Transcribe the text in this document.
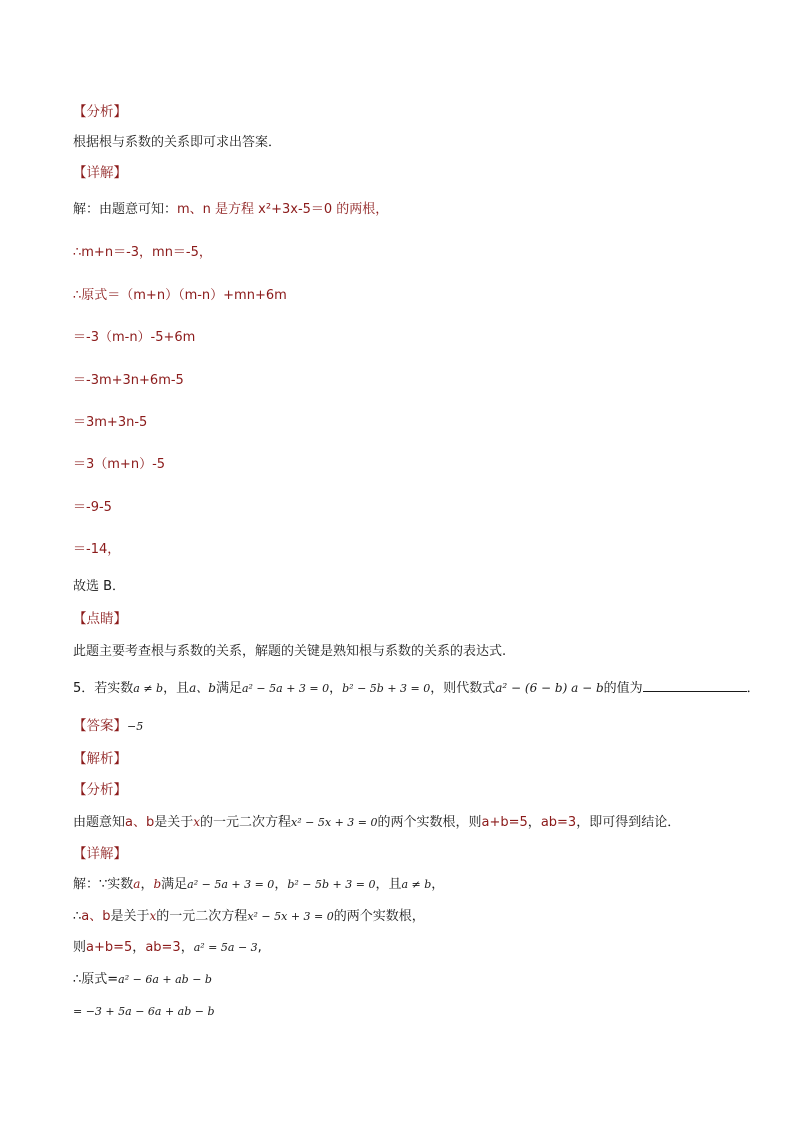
【分析】
根据根与系数的关系即可求出答案．
【详解】
解：由题意可知：m、n 是方程 x²+3x-5＝0 的两根，
∴m+n＝-3，mn＝-5，
∴原式＝（m+n）（m-n）+mn+6m
＝-3（m-n）-5+6m
＝-3m+3n+6m-5
＝3m+3n-5
＝3（m+n）-5
＝-9-5
＝-14，
故选 B．
【点睛】
此题主要考查根与系数的关系，解题的关键是熟知根与系数的关系的表达式.
5．若实数a ≠ b，且a、b满足a² − 5a + 3 = 0，b² − 5b + 3 = 0，则代数式a² − (6 − b) a − b的值为	．
【答案】−5
【解析】
【分析】
由题意知a、b是关于x的一元二次方程x² − 5x + 3 = 0的两个实数根，则a+b=5，ab=3，即可得到结论．
【详解】
解：∵实数a，b满足a² − 5a + 3 = 0，b² − 5b + 3 = 0，且a ≠ b，
∴a、b是关于x的一元二次方程x² − 5x + 3 = 0的两个实数根，
则a+b=5，ab=3，a² = 5a − 3,
∴原式=a² − 6a + ab − b
= −3 + 5a − 6a + ab − b
